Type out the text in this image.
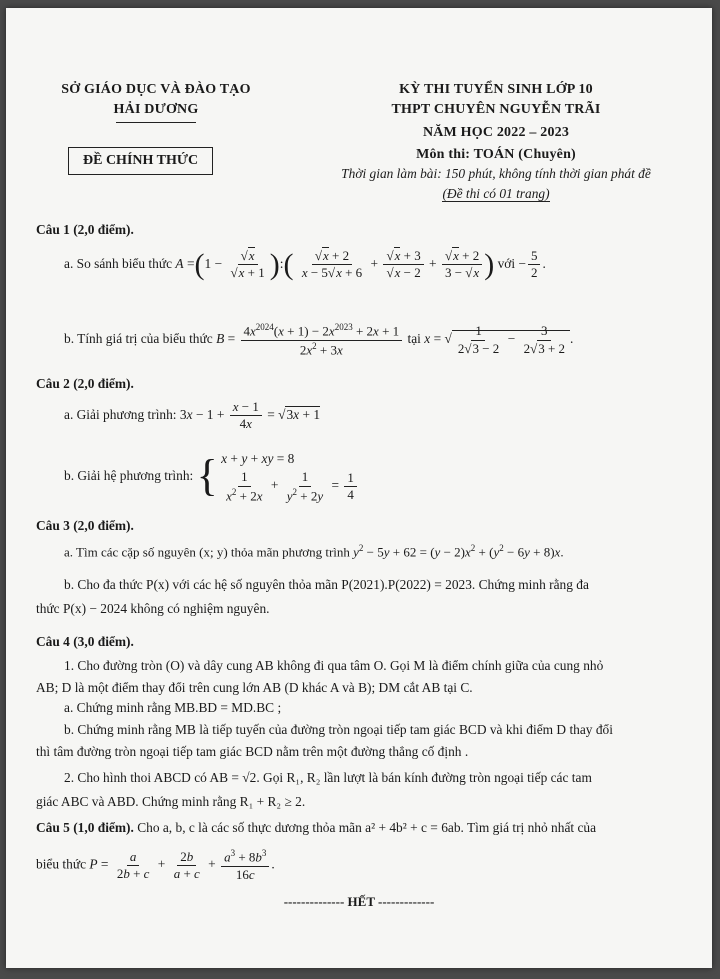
SỞ GIÁO DỤC VÀ ĐÀO TẠO
HẢI DƯƠNG
ĐỀ CHÍNH THỨC
KỲ THI TUYỂN SINH LỚP 10
THPT CHUYÊN NGUYỄN TRÃI
NĂM HỌC 2022 – 2023
Môn thi: TOÁN (Chuyên)
Thời gian làm bài: 150 phút, không tính thời gian phát đề
(Đề thi có 01 trang)
Câu 1 (2,0 điểm).
a. So sánh biểu thức $A =(1 - \frac{√x}{√x + 1}$ ):( $\frac{√x + 2}{x - 5√x + 6} + \frac{√x + 3}{√x - 2} + \frac{√x + 2}{3 - √x}$ ) với − $\frac{5}{2}$ .
b. Tính giá trị của biểu thức $B = \frac{4x^{2024}(x + 1) - 2x^{2023} + 2x + 1}{2x^2 + 3x}$ tại x = √ $\frac{1}{2√3 - 2} - \frac{3}{2√3 + 2}$ .
Câu 2 (2,0 điểm).
a. Giải phương trình: $3x - 1 + \frac{x - 1}{4x} = √3x + 1$
b. Giải hệ phương trình: { x + y + xy = 8
$\frac{1}{x^2 + 2x} + \frac{1}{y^2 + 2y} = \frac{1}{4}$
Câu 3 (2,0 điểm).
a. Tìm các cặp số nguyên (x; y) thỏa mãn phương trình $y^2 - 5y + 62 = (y - 2)x^2 + (y^2 - 6y + 8)x$.
b. Cho đa thức P(x) với các hệ số nguyên thỏa mãn P(2021).P(2022) = 2023. Chứng minh rằng đa
thức P(x) − 2024 không có nghiệm nguyên.
Câu 4 (3,0 điểm).
1. Cho đường tròn (O) và dây cung AB không đi qua tâm O. Gọi M là điểm chính giữa của cung nhỏ
AB; D là một điểm thay đổi trên cung lớn AB (D khác A và B); DM cắt AB tại C.
a. Chứng minh rằng MB.BD = MD.BC ;
b. Chứng minh rằng MB là tiếp tuyến của đường tròn ngoại tiếp tam giác BCD và khi điểm D thay đổi
thì tâm đường tròn ngoại tiếp tam giác BCD nằm trên một đường thẳng cố định .
2. Cho hình thoi ABCD có AB = √2. Gọi R₁, R₂ lần lượt là bán kính đường tròn ngoại tiếp các tam
giác ABC và ABD. Chứng minh rằng R₁ + R₂ ≥ 2.
Câu 5 (1,0 điểm). Cho a, b, c là các số thực dương thỏa mãn a² + 4b² + c = 6ab. Tìm giá trị nhỏ nhất của
biểu thức $P = \frac{a}{2b + c} + \frac{2b}{a + c} + \frac{a^3 + 8b^3}{16c}$ .
-------------- HẾT -------------
